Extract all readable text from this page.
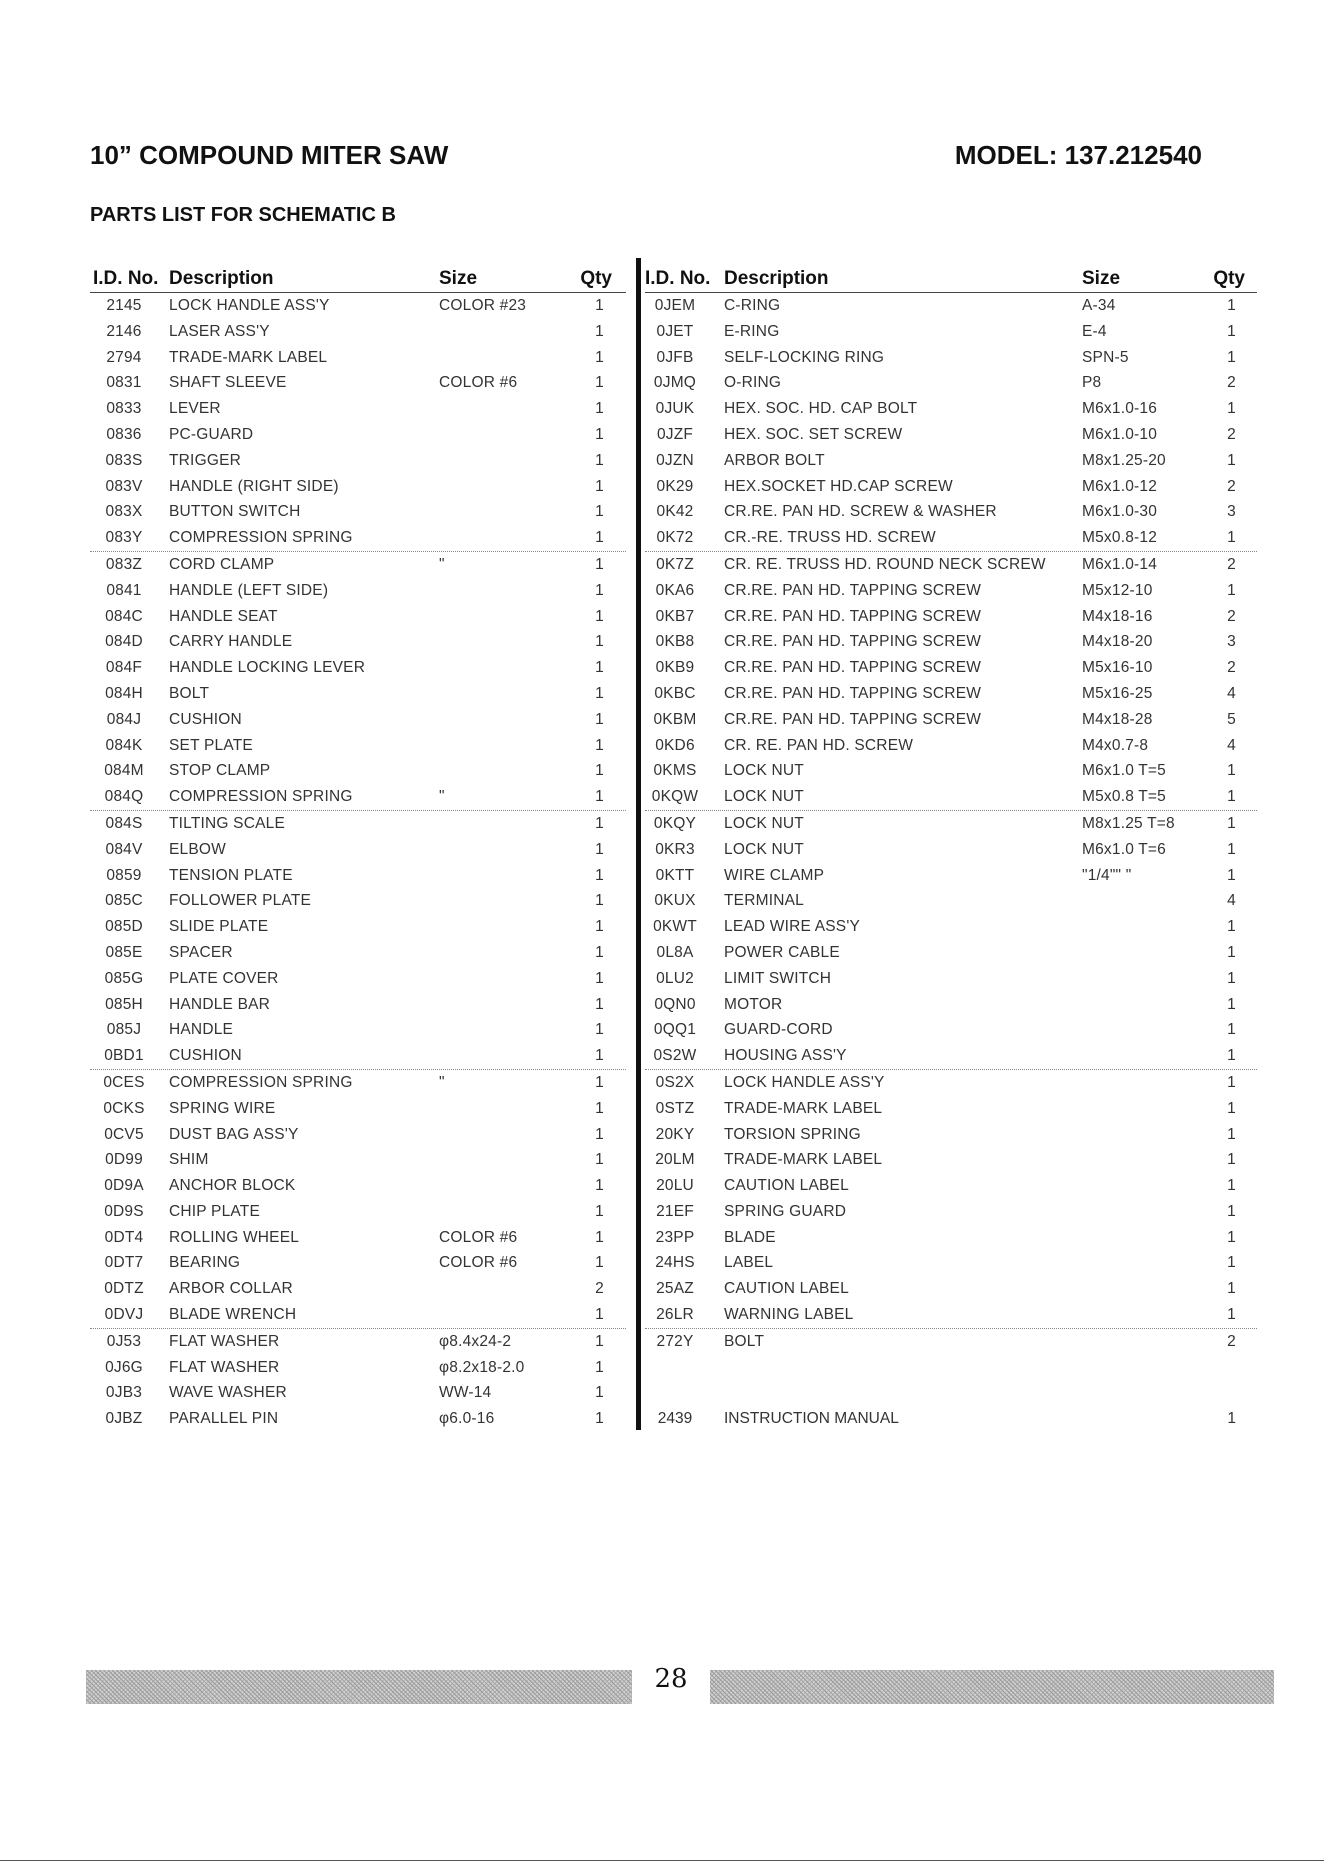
10” COMPOUND MITER SAW	MODEL: 137.212540
PARTS LIST FOR SCHEMATIC B
I.D. No. Description	Size	Qty
2145	LOCK HANDLE ASS'Y	COLOR #23	1
2146	LASER ASS'Y	1
2794	TRADE-MARK LABEL	1
0831	SHAFT SLEEVE	COLOR #6	1
0833	LEVER	1
0836	PC-GUARD	1
083S	TRIGGER	1
083V	HANDLE (RIGHT SIDE)	1
083X	BUTTON SWITCH	1
083Y	COMPRESSION SPRING	1
083Z	CORD CLAMP	"	1
0841	HANDLE (LEFT SIDE)	1
084C	HANDLE SEAT	1
084D	CARRY HANDLE	1
084F	HANDLE LOCKING LEVER	1
084H	BOLT	1
084J	CUSHION	1
084K	SET PLATE	1
084M	STOP CLAMP	1
084Q	COMPRESSION SPRING	"	1
084S	TILTING SCALE	1
084V	ELBOW	1
0859	TENSION PLATE	1
085C	FOLLOWER PLATE	1
085D	SLIDE PLATE	1
085E	SPACER	1
085G	PLATE COVER	1
085H	HANDLE BAR	1
085J	HANDLE	1
0BD1	CUSHION	1
0CES	COMPRESSION SPRING	"	1
0CKS	SPRING WIRE	1
0CV5	DUST BAG ASS'Y	1
0D99	SHIM	1
0D9A	ANCHOR BLOCK	1
0D9S	CHIP PLATE	1
0DT4	ROLLING WHEEL	COLOR #6	1
0DT7	BEARING	COLOR #6	1
0DTZ	ARBOR COLLAR	2
0DVJ	BLADE WRENCH	1
0J53	FLAT WASHER	φ8.4x24-2	1
0J6G	FLAT WASHER	φ8.2x18-2.0	1
0JB3	WAVE WASHER	WW-14	1
0JBZ	PARALLEL PIN	φ6.0-16	1
I.D. No. Description	Size	Qty
0JEM	C-RING	A-34	1
0JET	E-RING	E-4	1
0JFB	SELF-LOCKING RING	SPN-5	1
0JMQ	O-RING	P8	2
0JUK	HEX. SOC. HD. CAP BOLT	M6x1.0-16	1
0JZF	HEX. SOC. SET SCREW	M6x1.0-10	2
0JZN	ARBOR BOLT	M8x1.25-20	1
0K29	HEX.SOCKET HD.CAP SCREW	M6x1.0-12	2
0K42	CR.RE. PAN HD. SCREW & WASHER	M6x1.0-30	3
0K72	CR.-RE. TRUSS HD. SCREW	M5x0.8-12	1
0K7Z	CR. RE. TRUSS HD. ROUND NECK SCREW M6x1.0-14	2
0KA6	CR.RE. PAN HD. TAPPING SCREW	M5x12-10	1
0KB7	CR.RE. PAN HD. TAPPING SCREW	M4x18-16	2
0KB8	CR.RE. PAN HD. TAPPING SCREW	M4x18-20	3
0KB9	CR.RE. PAN HD. TAPPING SCREW	M5x16-10	2
0KBC	CR.RE. PAN HD. TAPPING SCREW	M5x16-25	4
0KBM	CR.RE. PAN HD. TAPPING SCREW	M4x18-28	5
0KD6	CR. RE. PAN HD. SCREW	M4x0.7-8	4
0KMS	LOCK NUT	M6x1.0 T=5	1
0KQW	LOCK NUT	M5x0.8 T=5	1
0KQY	LOCK NUT	M8x1.25 T=8	1
0KR3	LOCK NUT	M6x1.0 T=6	1
0KTT	WIRE CLAMP	"1/4"" "	1
0KUX	TERMINAL	4
0KWT	LEAD WIRE ASS'Y	1
0L8A	POWER CABLE	1
0LU2	LIMIT SWITCH	1
0QN0	MOTOR	1
0QQ1	GUARD-CORD	1
0S2W	HOUSING ASS'Y	1
0S2X	LOCK HANDLE ASS'Y	1
0STZ	TRADE-MARK LABEL	1
20KY	TORSION SPRING	1
20LM	TRADE-MARK LABEL	1
20LU	CAUTION LABEL	1
21EF	SPRING GUARD	1
23PP	BLADE	1
24HS	LABEL	1
25AZ	CAUTION LABEL	1
26LR	WARNING LABEL	1
272Y	BOLT	2
2439	INSTRUCTION MANUAL	1
28
